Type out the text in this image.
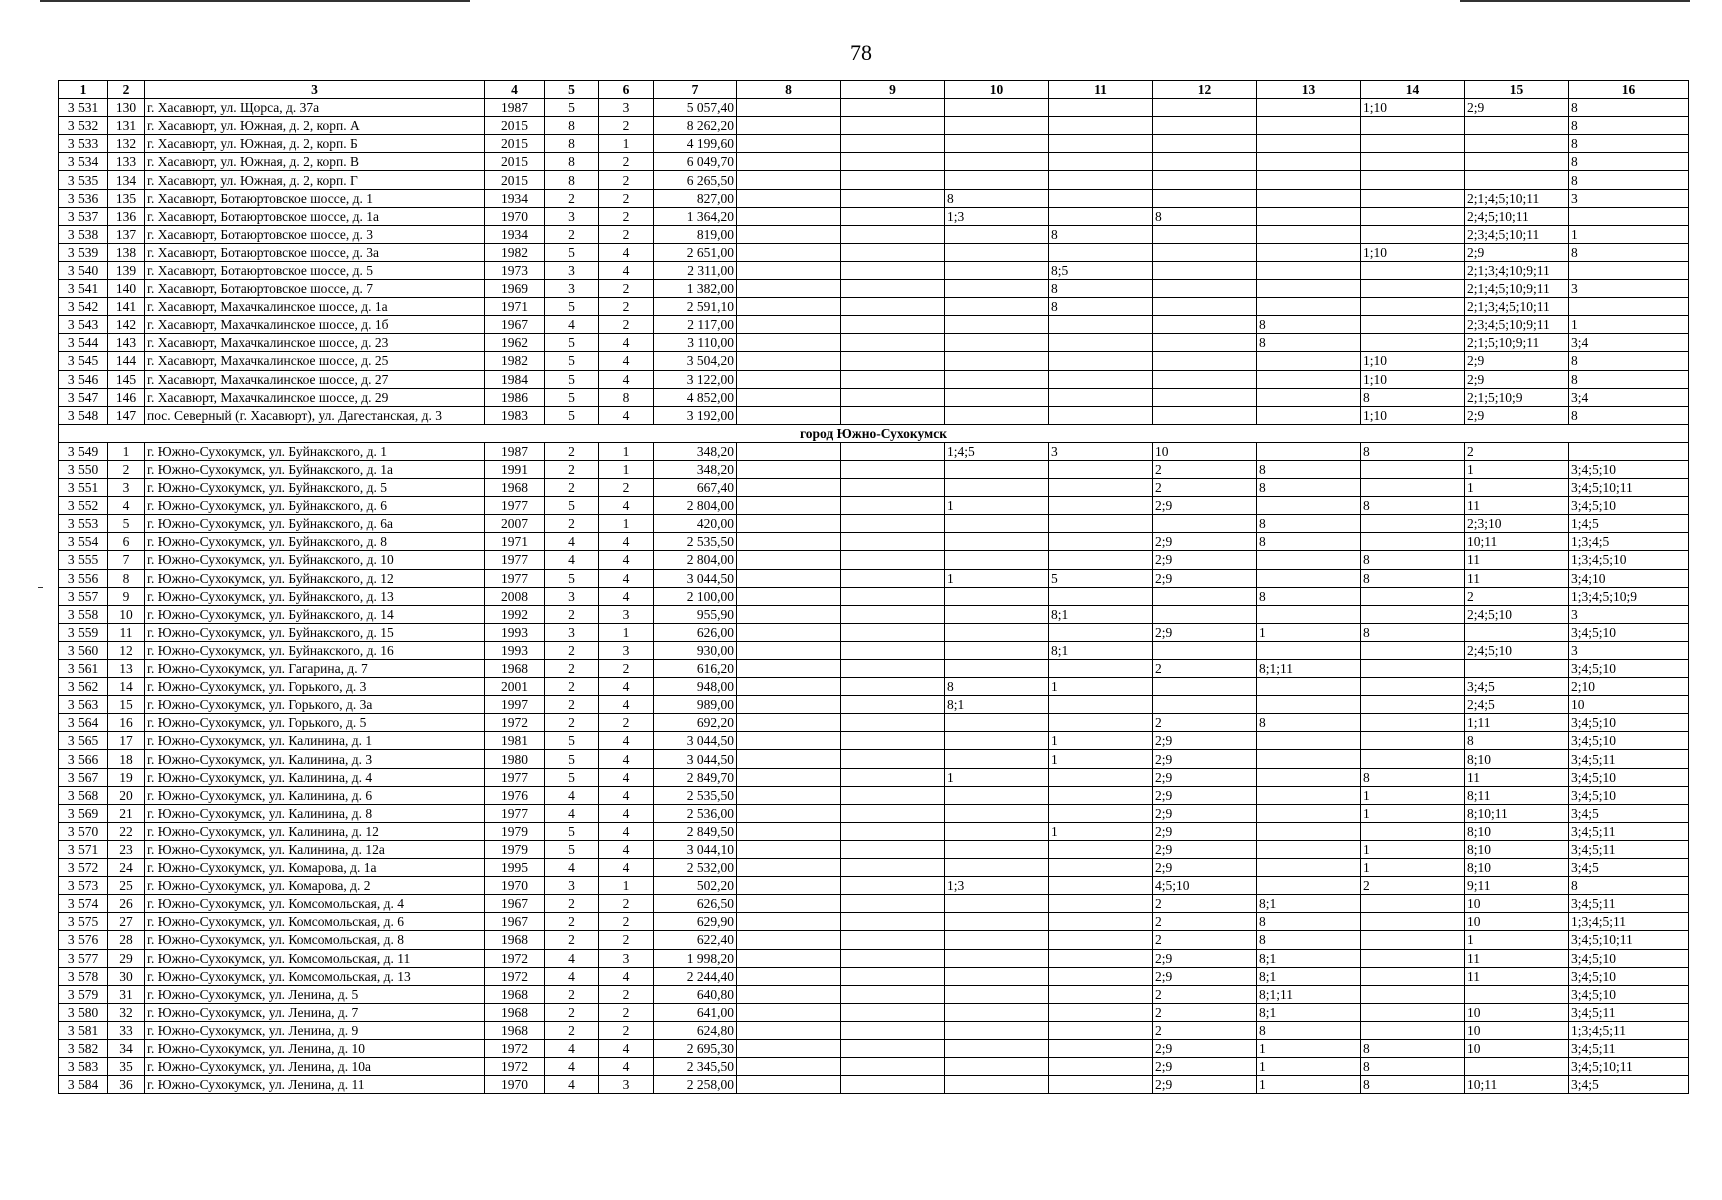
78
1	2	3	4	5	6	7	8	9	10	11	12	13	14	15	16
3 531	130	г. Хасавюрт, ул. Щорса, д. 37а	1987	5	3	5 057,40							1;10	2;9	8
3 532	131	г. Хасавюрт, ул. Южная, д. 2, корп. А	2015	8	2	8 262,20									8
3 533	132	г. Хасавюрт, ул. Южная, д. 2, корп. Б	2015	8	1	4 199,60									8
3 534	133	г. Хасавюрт, ул. Южная, д. 2, корп. В	2015	8	2	6 049,70									8
3 535	134	г. Хасавюрт, ул. Южная, д. 2, корп. Г	2015	8	2	6 265,50									8
3 536	135	г. Хасавюрт, Ботаюртовское шоссе, д. 1	1934	2	2	827,00			8					2;1;4;5;10;11	3
3 537	136	г. Хасавюрт, Ботаюртовское шоссе, д. 1а	1970	3	2	1 364,20			1;3		8			2;4;5;10;11	
3 538	137	г. Хасавюрт, Ботаюртовское шоссе, д. 3	1934	2	2	819,00				8				2;3;4;5;10;11	1
3 539	138	г. Хасавюрт, Ботаюртовское шоссе, д. 3а	1982	5	4	2 651,00							1;10	2;9	8
3 540	139	г. Хасавюрт, Ботаюртовское шоссе, д. 5	1973	3	4	2 311,00				8;5				2;1;3;4;10;9;11	
3 541	140	г. Хасавюрт, Ботаюртовское шоссе, д. 7	1969	3	2	1 382,00				8				2;1;4;5;10;9;11	3
3 542	141	г. Хасавюрт, Махачкалинское шоссе, д. 1а	1971	5	2	2 591,10				8				2;1;3;4;5;10;11	
3 543	142	г. Хасавюрт, Махачкалинское шоссе, д. 1б	1967	4	2	2 117,00						8		2;3;4;5;10;9;11	1
3 544	143	г. Хасавюрт, Махачкалинское шоссе, д. 23	1962	5	4	3 110,00						8		2;1;5;10;9;11	3;4
3 545	144	г. Хасавюрт, Махачкалинское шоссе, д. 25	1982	5	4	3 504,20							1;10	2;9	8
3 546	145	г. Хасавюрт, Махачкалинское шоссе, д. 27	1984	5	4	3 122,00							1;10	2;9	8
3 547	146	г. Хасавюрт, Махачкалинское шоссе, д. 29	1986	5	8	4 852,00							8	2;1;5;10;9	3;4
3 548	147	пос. Северный (г. Хасавюрт), ул. Дагестанская, д. 3	1983	5	4	3 192,00							1;10	2;9	8
город Южно-Сухокумск															
3 549	1	г. Южно-Сухокумск, ул. Буйнакского, д. 1	1987	2	1	348,20			1;4;5	3	10		8	2	
3 550	2	г. Южно-Сухокумск, ул. Буйнакского, д. 1а	1991	2	1	348,20					2	8		1	3;4;5;10
3 551	3	г. Южно-Сухокумск, ул. Буйнакского, д. 5	1968	2	2	667,40					2	8		1	3;4;5;10;11
3 552	4	г. Южно-Сухокумск, ул. Буйнакского, д. 6	1977	5	4	2 804,00			1		2;9		8	11	3;4;5;10
3 553	5	г. Южно-Сухокумск, ул. Буйнакского, д. 6а	2007	2	1	420,00						8		2;3;10	1;4;5
3 554	6	г. Южно-Сухокумск, ул. Буйнакского, д. 8	1971	4	4	2 535,50					2;9	8		10;11	1;3;4;5
3 555	7	г. Южно-Сухокумск, ул. Буйнакского, д. 10	1977	4	4	2 804,00					2;9		8	11	1;3;4;5;10
3 556	8	г. Южно-Сухокумск, ул. Буйнакского, д. 12	1977	5	4	3 044,50			1	5	2;9		8	11	3;4;10
3 557	9	г. Южно-Сухокумск, ул. Буйнакского, д. 13	2008	3	4	2 100,00						8		2	1;3;4;5;10;9
3 558	10	г. Южно-Сухокумск, ул. Буйнакского, д. 14	1992	2	3	955,90				8;1				2;4;5;10	3
3 559	11	г. Южно-Сухокумск, ул. Буйнакского, д. 15	1993	3	1	626,00					2;9	1	8		3;4;5;10
3 560	12	г. Южно-Сухокумск, ул. Буйнакского, д. 16	1993	2	3	930,00				8;1				2;4;5;10	3
3 561	13	г. Южно-Сухокумск, ул. Гагарина, д. 7	1968	2	2	616,20					2	8;1;11			3;4;5;10
3 562	14	г. Южно-Сухокумск, ул. Горького, д. 3	2001	2	4	948,00			8	1				3;4;5	2;10
3 563	15	г. Южно-Сухокумск, ул. Горького, д. 3а	1997	2	4	989,00			8;1					2;4;5	10
3 564	16	г. Южно-Сухокумск, ул. Горького, д. 5	1972	2	2	692,20					2	8		1;11	3;4;5;10
3 565	17	г. Южно-Сухокумск, ул. Калинина, д. 1	1981	5	4	3 044,50				1	2;9			8	3;4;5;10
3 566	18	г. Южно-Сухокумск, ул. Калинина, д. 3	1980	5	4	3 044,50				1	2;9			8;10	3;4;5;11
3 567	19	г. Южно-Сухокумск, ул. Калинина, д. 4	1977	5	4	2 849,70			1		2;9		8	11	3;4;5;10
3 568	20	г. Южно-Сухокумск, ул. Калинина, д. 6	1976	4	4	2 535,50					2;9		1	8;11	3;4;5;10
3 569	21	г. Южно-Сухокумск, ул. Калинина, д. 8	1977	4	4	2 536,00					2;9		1	8;10;11	3;4;5
3 570	22	г. Южно-Сухокумск, ул. Калинина, д. 12	1979	5	4	2 849,50				1	2;9			8;10	3;4;5;11
3 571	23	г. Южно-Сухокумск, ул. Калинина, д. 12а	1979	5	4	3 044,10					2;9		1	8;10	3;4;5;11
3 572	24	г. Южно-Сухокумск, ул. Комарова, д. 1а	1995	4	4	2 532,00					2;9		1	8;10	3;4;5
3 573	25	г. Южно-Сухокумск, ул. Комарова, д. 2	1970	3	1	502,20			1;3		4;5;10		2	9;11	8
3 574	26	г. Южно-Сухокумск, ул. Комсомольская, д. 4	1967	2	2	626,50					2	8;1		10	3;4;5;11
3 575	27	г. Южно-Сухокумск, ул. Комсомольская, д. 6	1967	2	2	629,90					2	8		10	1;3;4;5;11
3 576	28	г. Южно-Сухокумск, ул. Комсомольская, д. 8	1968	2	2	622,40					2	8		1	3;4;5;10;11
3 577	29	г. Южно-Сухокумск, ул. Комсомольская, д. 11	1972	4	3	1 998,20					2;9	8;1		11	3;4;5;10
3 578	30	г. Южно-Сухокумск, ул. Комсомольская, д. 13	1972	4	4	2 244,40					2;9	8;1		11	3;4;5;10
3 579	31	г. Южно-Сухокумск, ул. Ленина, д. 5	1968	2	2	640,80					2	8;1;11			3;4;5;10
3 580	32	г. Южно-Сухокумск, ул. Ленина, д. 7	1968	2	2	641,00					2	8;1		10	3;4;5;11
3 581	33	г. Южно-Сухокумск, ул. Ленина, д. 9	1968	2	2	624,80					2	8		10	1;3;4;5;11
3 582	34	г. Южно-Сухокумск, ул. Ленина, д. 10	1972	4	4	2 695,30					2;9	1	8	10	3;4;5;11
3 583	35	г. Южно-Сухокумск, ул. Ленина, д. 10а	1972	4	4	2 345,50					2;9	1	8		3;4;5;10;11
3 584	36	г. Южно-Сухокумск, ул. Ленина, д. 11	1970	4	3	2 258,00					2;9	1	8	10;11	3;4;5
